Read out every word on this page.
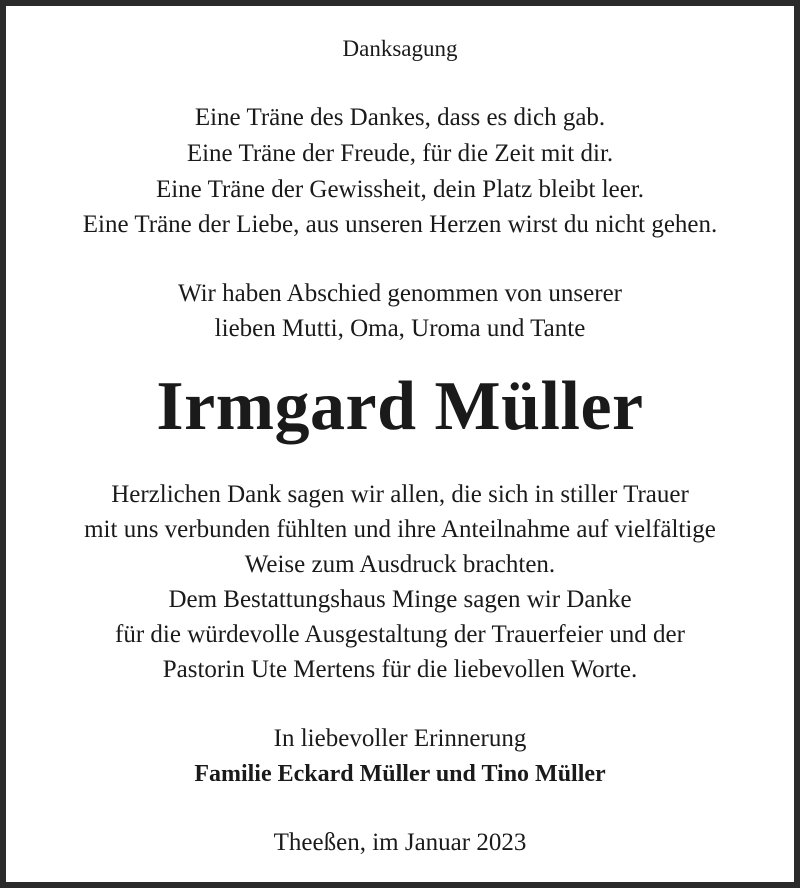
Danksagung
Eine Träne des Dankes, dass es dich gab.
Eine Träne der Freude, für die Zeit mit dir.
Eine Träne der Gewissheit, dein Platz bleibt leer.
Eine Träne der Liebe, aus unseren Herzen wirst du nicht gehen.
Wir haben Abschied genommen von unserer
lieben Mutti, Oma, Uroma und Tante
Irmgard Müller
Herzlichen Dank sagen wir allen, die sich in stiller Trauer
mit uns verbunden fühlten und ihre Anteilnahme auf vielfältige
Weise zum Ausdruck brachten.
Dem Bestattungshaus Minge sagen wir Danke
für die würdevolle Ausgestaltung der Trauerfeier und der
Pastorin Ute Mertens für die liebevollen Worte.
In liebevoller Erinnerung
Familie Eckard Müller und Tino Müller
Theeßen, im Januar 2023
